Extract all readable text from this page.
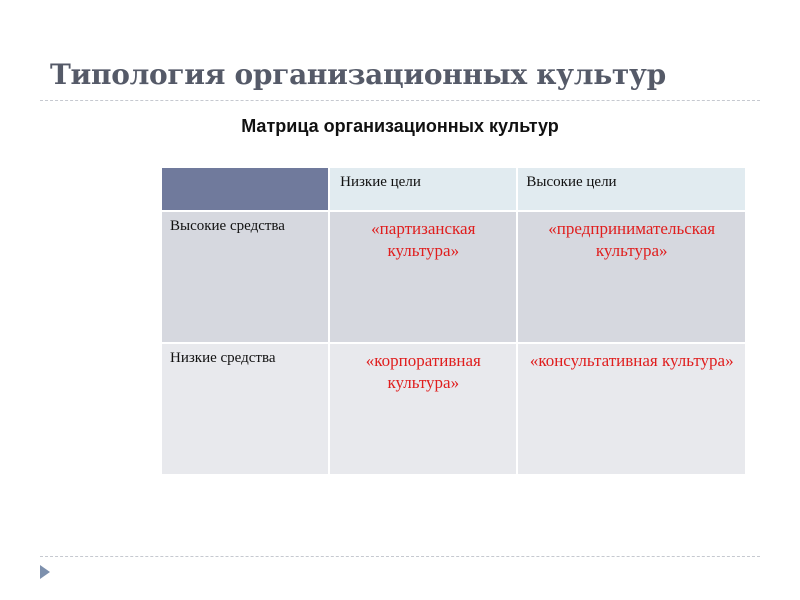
Типология организационных культур
Матрица организационных культур
	Низкие цели	Высокие цели
Высокие средства	«партизанская культура»	«предпринимательская культура»
Низкие средства	«корпоративная культура»	«консультативная культура»
